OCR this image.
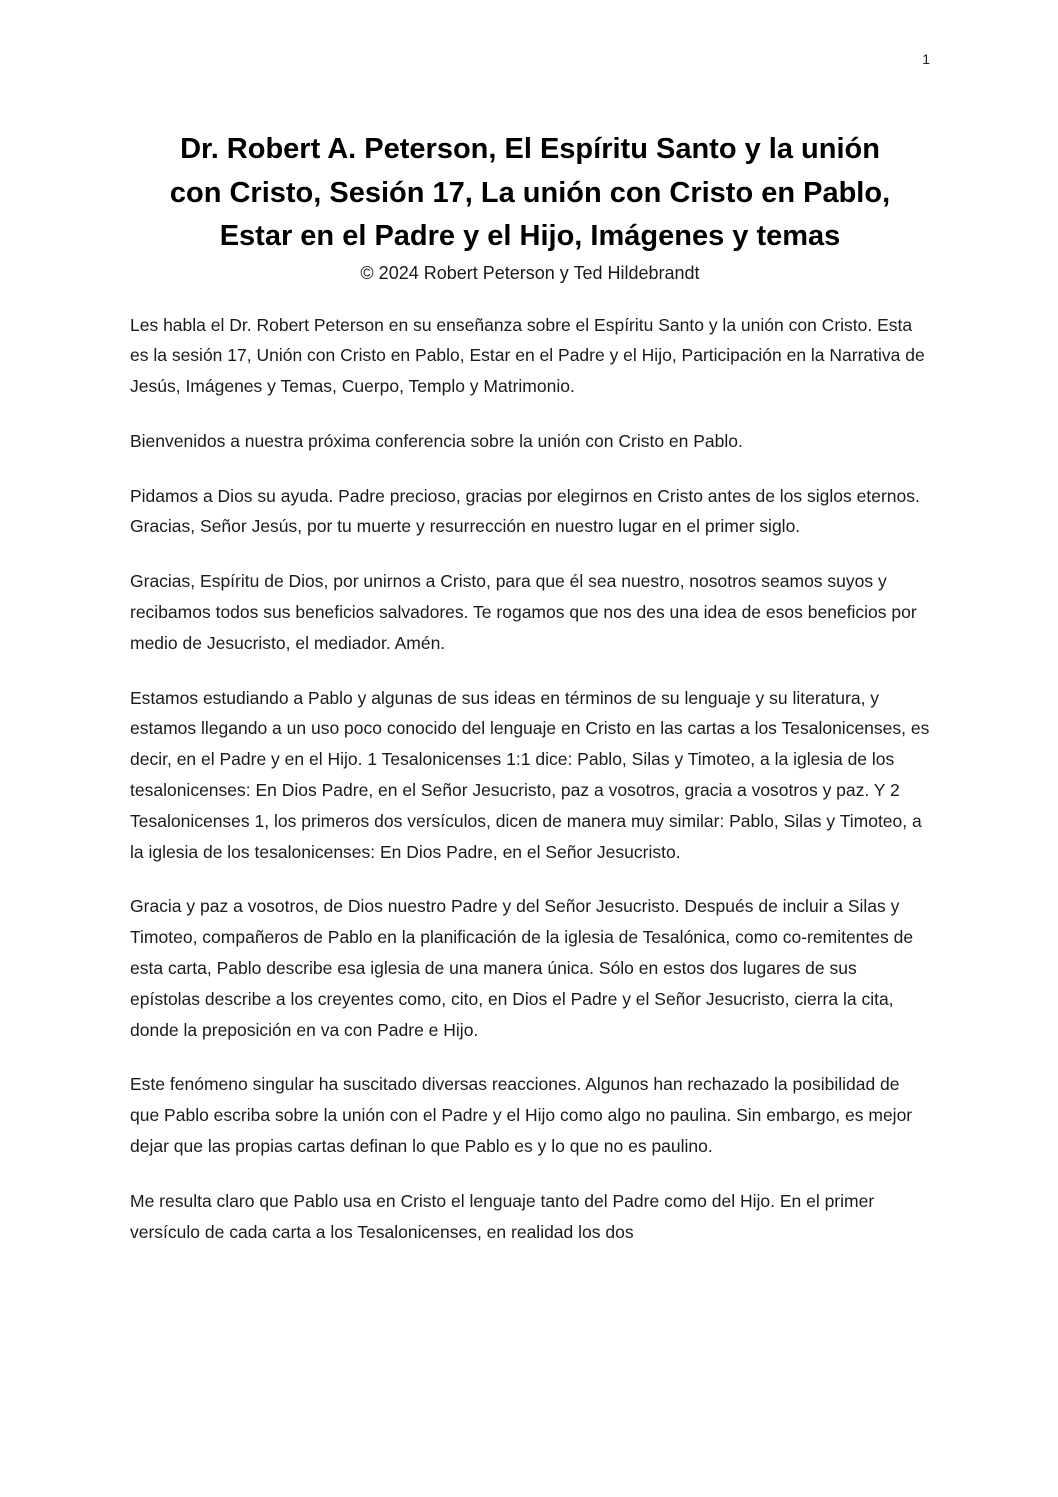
1
Dr. Robert A. Peterson, El Espíritu Santo y la unión
con Cristo, Sesión 17, La unión con Cristo en Pablo,
Estar en el Padre y el Hijo, Imágenes y temas
© 2024 Robert Peterson y Ted Hildebrandt

Les habla el Dr. Robert Peterson en su enseñanza sobre el Espíritu Santo y la unión con Cristo. Esta es la sesión 17, Unión con Cristo en Pablo, Estar en el Padre y el Hijo, Participación en la Narrativa de Jesús, Imágenes y Temas, Cuerpo, Templo y Matrimonio.

Bienvenidos a nuestra próxima conferencia sobre la unión con Cristo en Pablo.

Pidamos a Dios su ayuda. Padre precioso, gracias por elegirnos en Cristo antes de los siglos eternos. Gracias, Señor Jesús, por tu muerte y resurrección en nuestro lugar en el primer siglo.

Gracias, Espíritu de Dios, por unirnos a Cristo, para que él sea nuestro, nosotros seamos suyos y recibamos todos sus beneficios salvadores. Te rogamos que nos des una idea de esos beneficios por medio de Jesucristo, el mediador. Amén.

Estamos estudiando a Pablo y algunas de sus ideas en términos de su lenguaje y su literatura, y estamos llegando a un uso poco conocido del lenguaje en Cristo en las cartas a los Tesalonicenses, es decir, en el Padre y en el Hijo. 1 Tesalonicenses 1:1 dice: Pablo, Silas y Timoteo, a la iglesia de los tesalonicenses: En Dios Padre, en el Señor Jesucristo, paz a vosotros, gracia a vosotros y paz. Y 2 Tesalonicenses 1, los primeros dos versículos, dicen de manera muy similar: Pablo, Silas y Timoteo, a la iglesia de los tesalonicenses: En Dios Padre, en el Señor Jesucristo.

Gracia y paz a vosotros, de Dios nuestro Padre y del Señor Jesucristo. Después de incluir a Silas y Timoteo, compañeros de Pablo en la planificación de la iglesia de Tesalónica, como co-remitentes de esta carta, Pablo describe esa iglesia de una manera única. Sólo en estos dos lugares de sus epístolas describe a los creyentes como, cito, en Dios el Padre y el Señor Jesucristo, cierra la cita, donde la preposición en va con Padre e Hijo.

Este fenómeno singular ha suscitado diversas reacciones. Algunos han rechazado la posibilidad de que Pablo escriba sobre la unión con el Padre y el Hijo como algo no paulina. Sin embargo, es mejor dejar que las propias cartas definan lo que Pablo es y lo que no es paulino.

Me resulta claro que Pablo usa en Cristo el lenguaje tanto del Padre como del Hijo. En el primer versículo de cada carta a los Tesalonicenses, en realidad los dos
